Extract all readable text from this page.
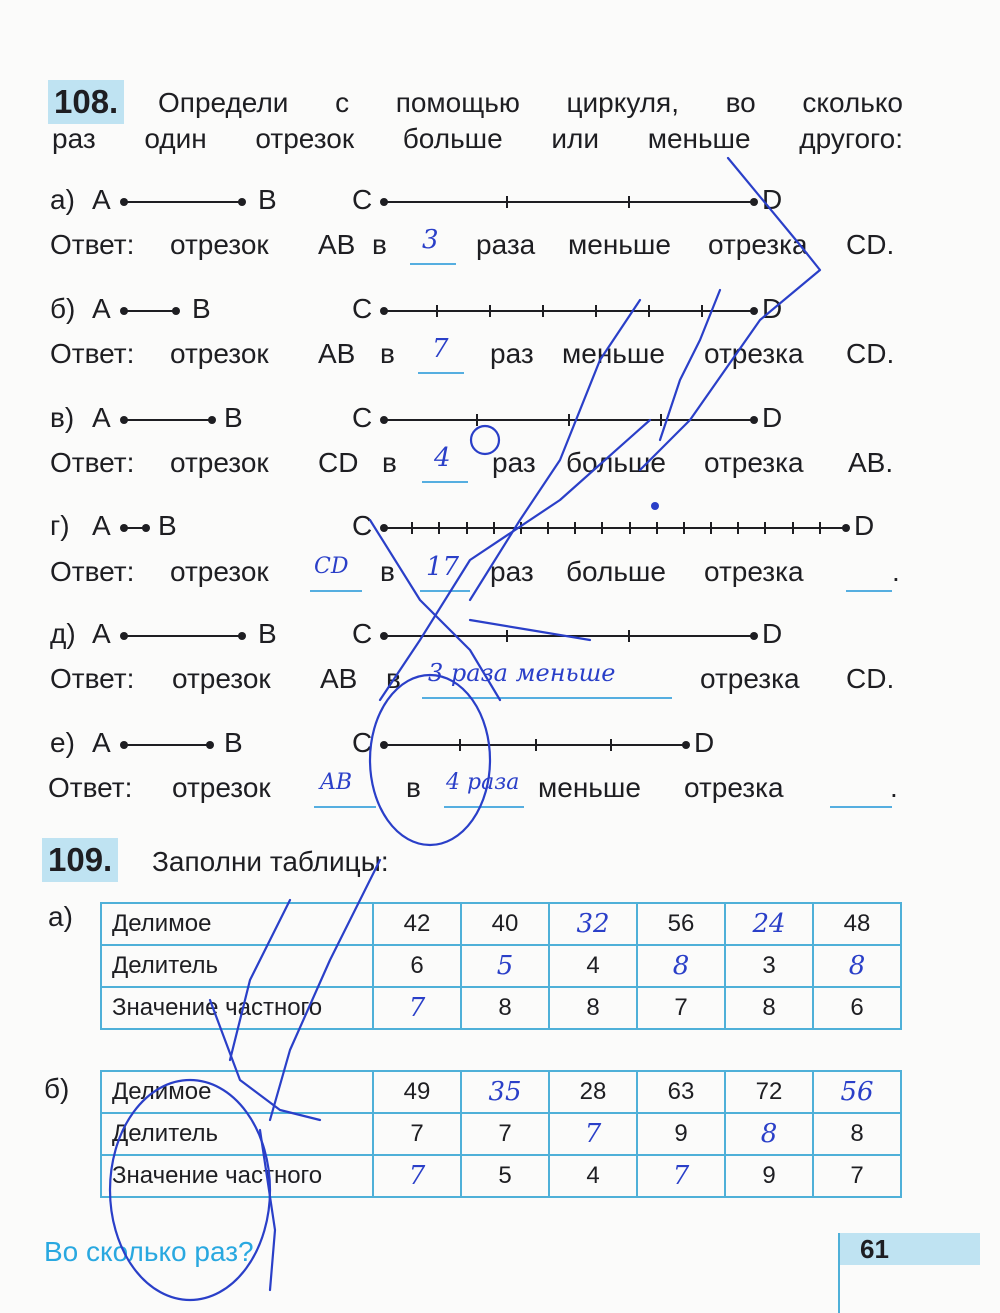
108. Определи с помощью циркуля, во сколько
раз один отрезок больше или меньше другого:
а) A	B	C	D
Ответ: отрезок AB в 3 раза меньше отрезка CD.
б) A	B	C	D
Ответ: отрезок AB в 7 раз меньше отрезка CD.
в) A	B	C	D
Ответ: отрезок CD в 4 раз больше отрезка AB.
г) A B	C	D
Ответ: отрезок CD в 17 раз больше отрезка	.
д) A	B	C	D
Ответ: отрезок AB в 3 раза меньше	отрезка CD.
е) A	B	C	D
Ответ: отрезок AB в 4 раза меньше отрезка	.
109. Заполни таблицы:
а) Делимое	42	40	32	56	24	48
Делитель	6	5	4	8	3	8
Значение частного	7	8	8	7	8	6
б) Делимое	49	35	28	63	72	56
Делитель	7	7	7	9	8	8
Значение частного	7	5	4	7	9	7
Во сколько раз?	61
